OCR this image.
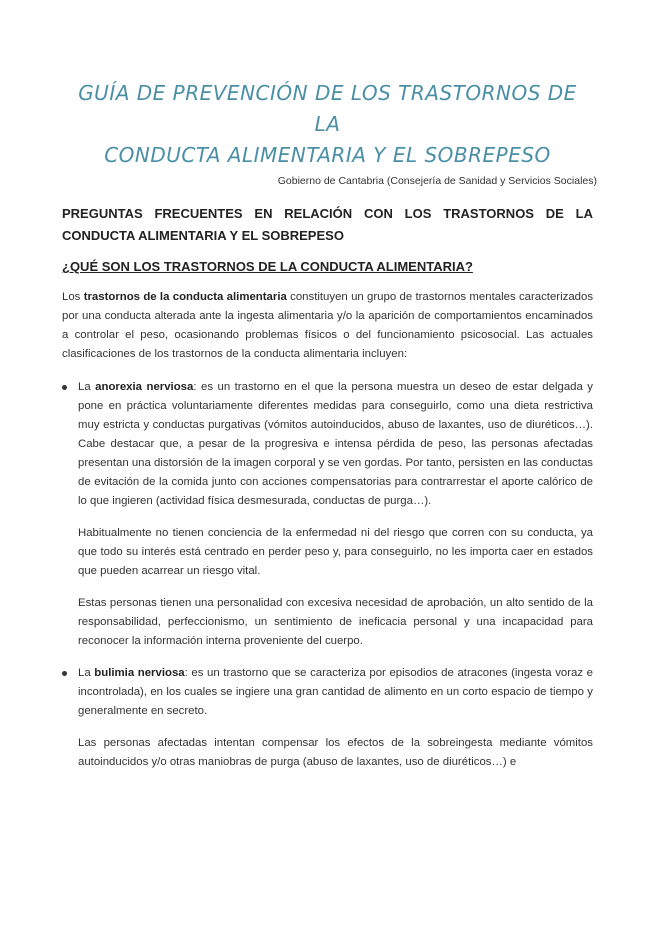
GUÍA DE PREVENCIÓN DE LOS TRASTORNOS DE LA
CONDUCTA ALIMENTARIA Y EL SOBREPESO
Gobierno de Cantabria (Consejería de Sanidad y Servicios Sociales)
PREGUNTAS FRECUENTES EN RELACIÓN CON LOS TRASTORNOS DE LA CONDUCTA ALIMENTARIA Y EL SOBREPESO
¿QUÉ SON LOS TRASTORNOS DE LA CONDUCTA ALIMENTARIA?

Los trastornos de la conducta alimentaria constituyen un grupo de trastornos mentales caracterizados por una conducta alterada ante la ingesta alimentaria y/o la aparición de comportamientos encaminados a controlar el peso, ocasionando problemas físicos o del funcionamiento psicosocial. Las actuales clasificaciones de los trastornos de la conducta alimentaria incluyen:

La anorexia nerviosa: es un trastorno en el que la persona muestra un deseo de estar delgada y pone en práctica voluntariamente diferentes medidas para conseguirlo, como una dieta restrictiva muy estricta y conductas purgativas (vómitos autoinducidos, abuso de laxantes, uso de diuréticos…). Cabe destacar que, a pesar de la progresiva e intensa pérdida de peso, las personas afectadas presentan una distorsión de la imagen corporal y se ven gordas. Por tanto, persisten en las conductas de evitación de la comida junto con acciones compensatorias para contrarrestar el aporte calórico de lo que ingieren (actividad física desmesurada, conductas de purga…).

Habitualmente no tienen conciencia de la enfermedad ni del riesgo que corren con su conducta, ya que todo su interés está centrado en perder peso y, para conseguirlo, no les importa caer en estados que pueden acarrear un riesgo vital.

Estas personas tienen una personalidad con excesiva necesidad de aprobación, un alto sentido de la responsabilidad, perfeccionismo, un sentimiento de ineficacia personal y una incapacidad para reconocer la información interna proveniente del cuerpo.

La bulimia nerviosa: es un trastorno que se caracteriza por episodios de atracones (ingesta voraz e incontrolada), en los cuales se ingiere una gran cantidad de alimento en un corto espacio de tiempo y generalmente en secreto.

Las personas afectadas intentan compensar los efectos de la sobreingesta mediante vómitos autoinducidos y/o otras maniobras de purga (abuso de laxantes, uso de diuréticos…) e
